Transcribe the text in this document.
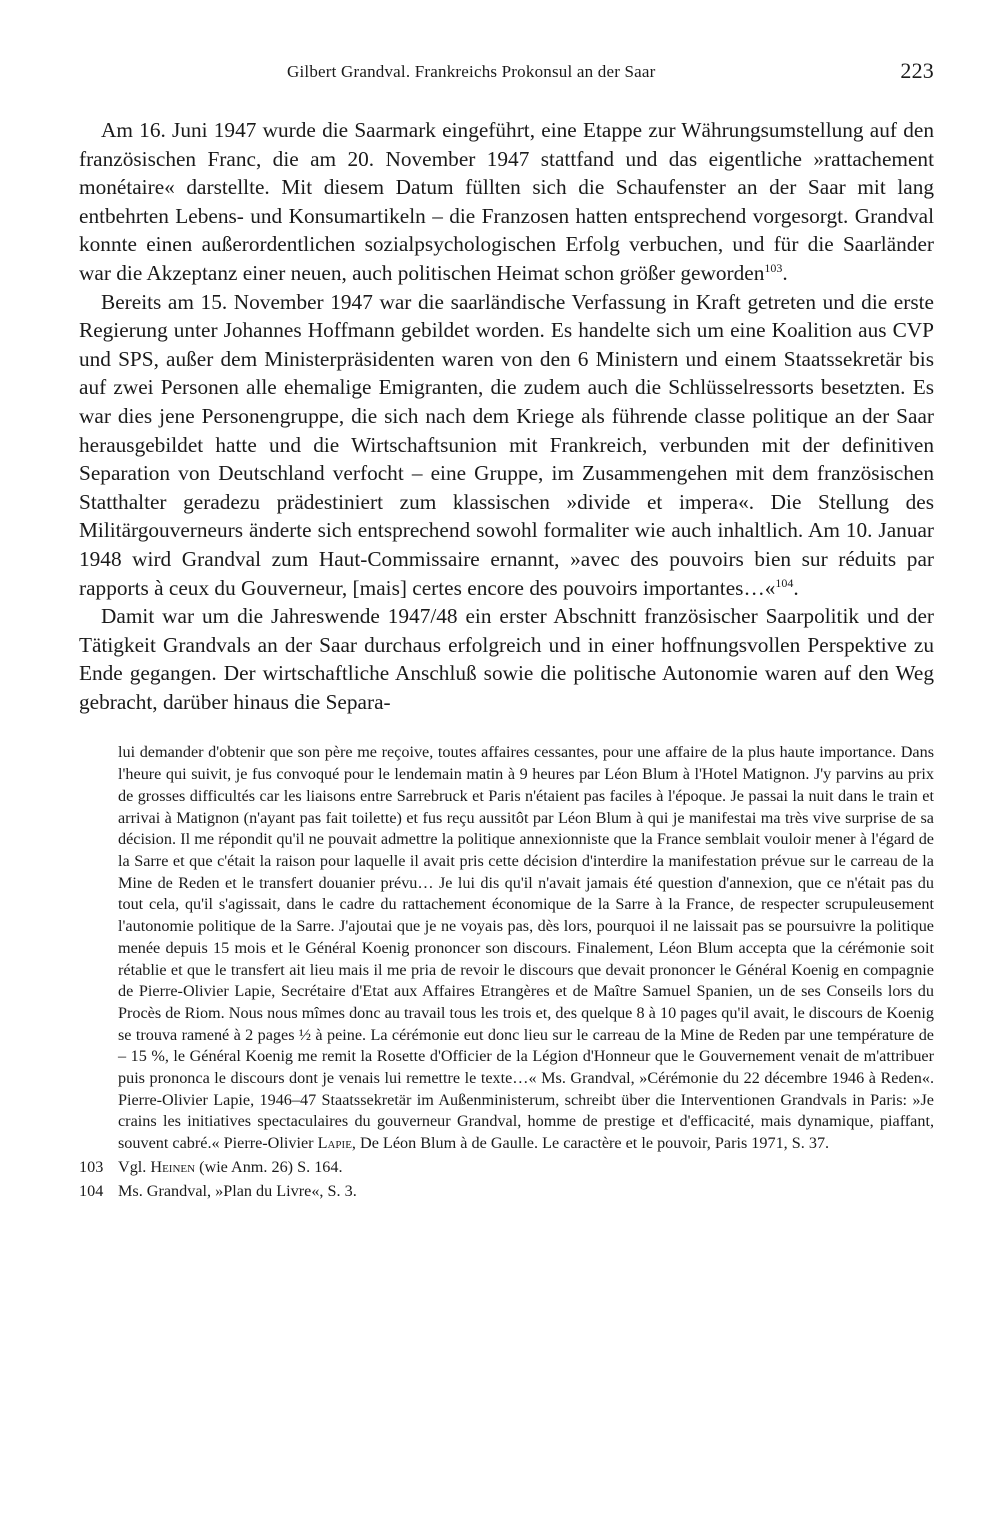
Gilbert Grandval. Frankreichs Prokonsul an der Saar	223

Am 16. Juni 1947 wurde die Saarmark eingeführt, eine Etappe zur Währungsumstellung auf den französischen Franc, die am 20. November 1947 stattfand und das eigentliche »rattachement monétaire« darstellte. Mit diesem Datum füllten sich die Schaufenster an der Saar mit lang entbehrten Lebens- und Konsumartikeln – die Franzosen hatten entsprechend vorgesorgt. Grandval konnte einen außerordentlichen sozialpsychologischen Erfolg verbuchen, und für die Saarländer war die Akzeptanz einer neuen, auch politischen Heimat schon größer geworden$^{103}$.

Bereits am 15. November 1947 war die saarländische Verfassung in Kraft getreten und die erste Regierung unter Johannes Hoffmann gebildet worden. Es handelte sich um eine Koalition aus CVP und SPS, außer dem Ministerpräsidenten waren von den 6 Ministern und einem Staatssekretär bis auf zwei Personen alle ehemalige Emigranten, die zudem auch die Schlüsselressorts besetzten. Es war dies jene Personengruppe, die sich nach dem Kriege als führende classe politique an der Saar herausgebildet hatte und die Wirtschaftsunion mit Frankreich, verbunden mit der definitiven Separation von Deutschland verfocht – eine Gruppe, im Zusammengehen mit dem französischen Statthalter geradezu prädestiniert zum klassischen »divide et impera«. Die Stellung des Militärgouverneurs änderte sich entsprechend sowohl formaliter wie auch inhaltlich. Am 10. Januar 1948 wird Grandval zum Haut-Commissaire ernannt, »avec des pouvoirs bien sur réduits par rapports à ceux du Gouverneur, [mais] certes encore des pouvoirs importantes…«$^{104}$.

Damit war um die Jahreswende 1947/48 ein erster Abschnitt französischer Saarpolitik und der Tätigkeit Grandvals an der Saar durchaus erfolgreich und in einer hoffnungsvollen Perspektive zu Ende gegangen. Der wirtschaftliche Anschluß sowie die politische Autonomie waren auf den Weg gebracht, darüber hinaus die Separa-

lui demander d'obtenir que son père me reçoive, toutes affaires cessantes, pour une affaire de la plus haute importance. Dans l'heure qui suivit, je fus convoqué pour le lendemain matin à 9 heures par Léon Blum à l'Hotel Matignon. J'y parvins au prix de grosses difficultés car les liaisons entre Sarrebruck et Paris n'étaient pas faciles à l'époque. Je passai la nuit dans le train et arrivai à Matignon (n'ayant pas fait toilette) et fus reçu aussitôt par Léon Blum à qui je manifestai ma très vive surprise de sa décision. Il me répondit qu'il ne pouvait admettre la politique annexionniste que la France semblait vouloir mener à l'égard de la Sarre et que c'était la raison pour laquelle il avait pris cette décision d'interdire la manifestation prévue sur le carreau de la Mine de Reden et le transfert douanier prévu… Je lui dis qu'il n'avait jamais été question d'annexion, que ce n'était pas du tout cela, qu'il s'agissait, dans le cadre du rattachement économique de la Sarre à la France, de respecter scrupuleusement l'autonomie politique de la Sarre. J'ajoutai que je ne voyais pas, dès lors, pourquoi il ne laissait pas se poursuivre la politique menée depuis 15 mois et le Général Koenig prononcer son discours. Finalement, Léon Blum accepta que la cérémonie soit rétablie et que le transfert ait lieu mais il me pria de revoir le discours que devait prononcer le Général Koenig en compagnie de Pierre-Olivier Lapie, Secrétaire d'Etat aux Affaires Etrangères et de Maître Samuel Spanien, un de ses Conseils lors du Procès de Riom. Nous nous mîmes donc au travail tous les trois et, des quelque 8 à 10 pages qu'il avait, le discours de Koenig se trouva ramené à 2 pages ½ à peine. La cérémonie eut donc lieu sur le carreau de la Mine de Reden par une température de – 15 %, le Général Koenig me remit la Rosette d'Officier de la Légion d'Honneur que le Gouvernement venait de m'attribuer puis prononca le discours dont je venais lui remettre le texte…« Ms. Grandval, »Cérémonie du 22 décembre 1946 à Reden«. Pierre-Olivier Lapie, 1946–47 Staatssekretär im Außenministerum, schreibt über die Interventionen Grandvals in Paris: »Je crains les initiatives spectaculaires du gouverneur Grandval, homme de prestige et d'efficacité, mais dynamique, piaffant, souvent cabré.« Pierre-Olivier Lapie, De Léon Blum à de Gaulle. Le caractère et le pouvoir, Paris 1971, S. 37.

103 Vgl. Heinen (wie Anm. 26) S. 164.
104 Ms. Grandval, »Plan du Livre«, S. 3.
